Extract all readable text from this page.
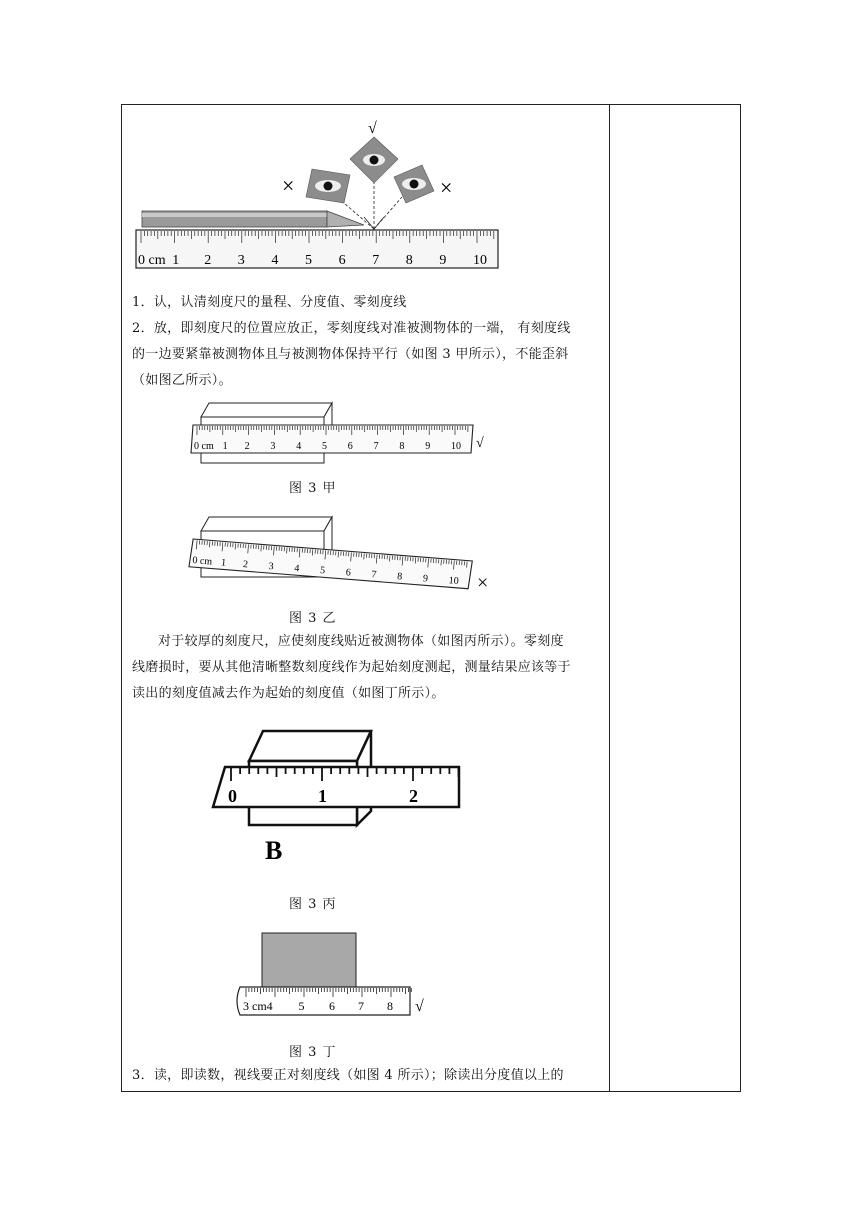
0 cm 1 2 3 4 5 6 7 8 9 10
√
×	×

1．认，认清刻度尺的量程、分度值、零刻度线

2．放，即刻度尺的位置应放正，零刻度线对准被测物体的一端， 有刻度线

的一边要紧靠被测物体且与被测物体保持平行（如图 3 甲所示），不能歪斜

（如图乙所示）。

0 cm 1 2 3 4 5 6 7 8 9 10 √

图 3 甲

0 cm 1 2 3 4 5 6 7 8 9 10 ×

图 3 乙

对于较厚的刻度尺，应使刻度线贴近被测物体（如图丙所示）。零刻度

线磨损时，要从其他清晰整数刻度线作为起始刻度测起，测量结果应该等于

读出的刻度值减去作为起始的刻度值（如图丁所示）。

0	1	2
B

图 3 丙

3 cm4 5 6 7 8 √

图 3 丁

3．读，即读数，视线要正对刻度线（如图 4 所示）；除读出分度值以上的
